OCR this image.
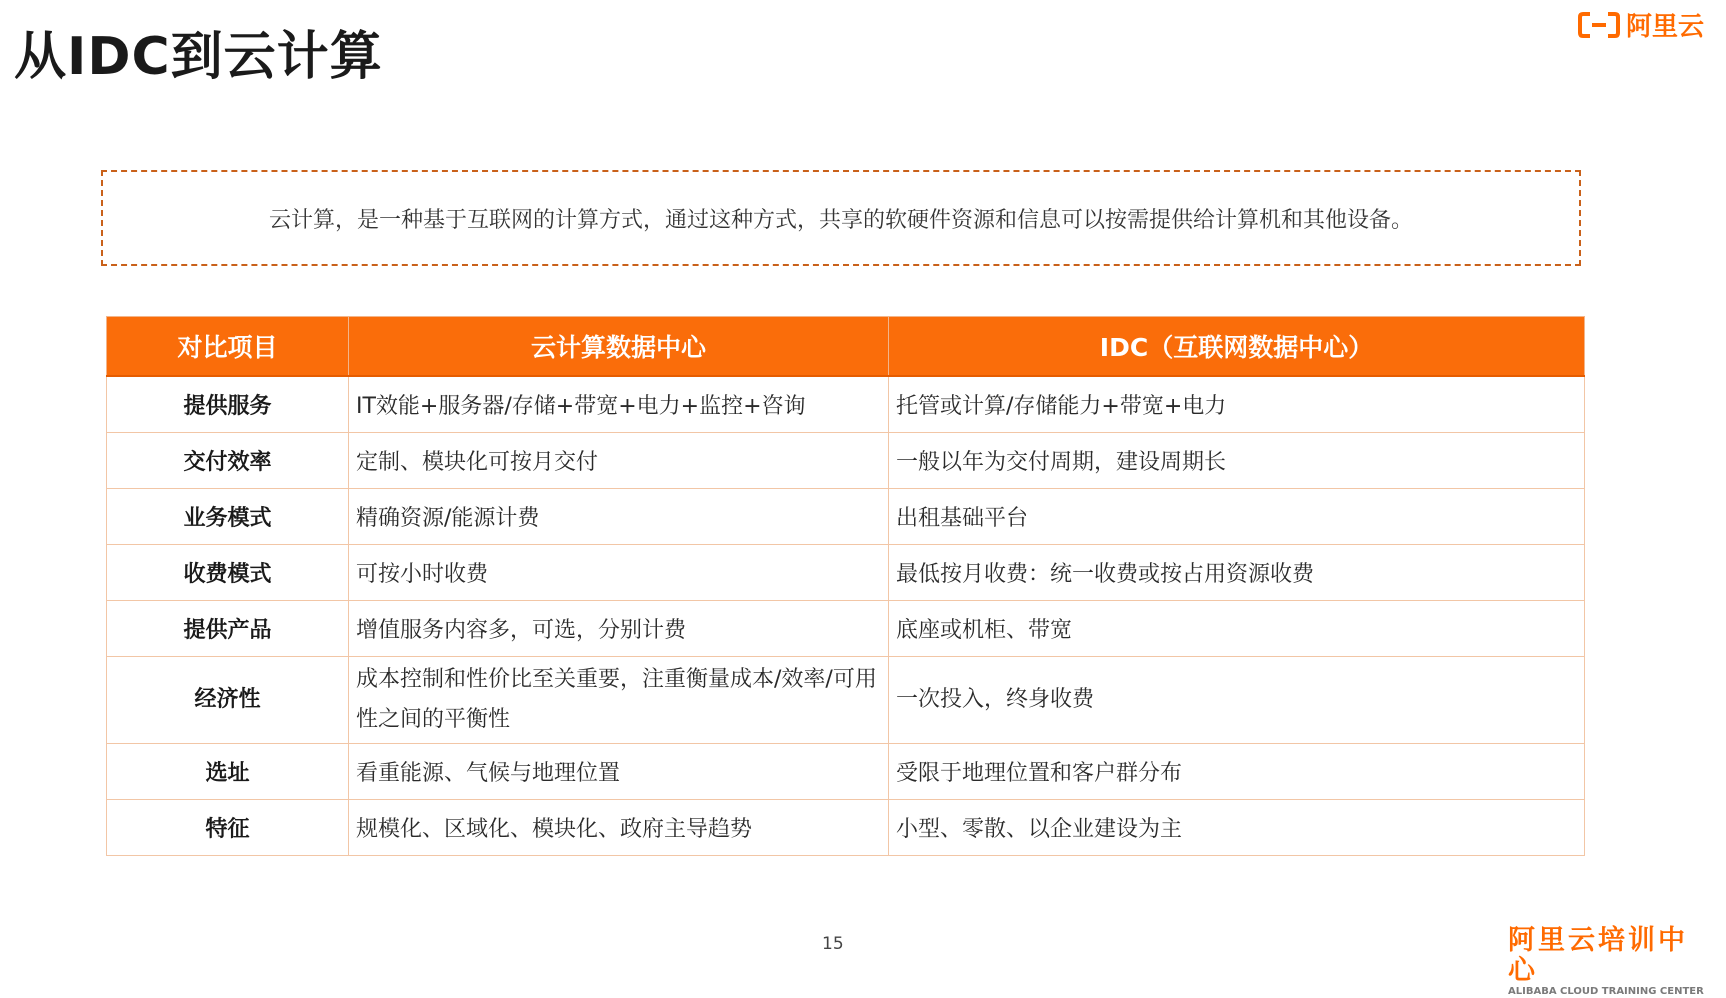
从IDC到云计算	阿里云
云计算，是一种基于互联网的计算方式，通过这种方式，共享的软硬件资源和信息可以按需提供给计算机和其他设备。
对比项目	云计算数据中心	IDC（互联网数据中心）
提供服务	IT效能+服务器/存储+带宽+电力+监控+咨询	托管或计算/存储能力+带宽+电力
交付效率	定制、模块化可按月交付	一般以年为交付周期，建设周期长
业务模式	精确资源/能源计费	出租基础平台
收费模式	可按小时收费	最低按月收费：统一收费或按占用资源收费
提供产品	增值服务内容多，可选，分别计费	底座或机柜、带宽
经济性	成本控制和性价比至关重要，注重衡量成本/效率/可用性之间的平衡性	一次投入，终身收费
选址	看重能源、气候与地理位置	受限于地理位置和客户群分布
特征	规模化、区域化、模块化、政府主导趋势	小型、零散、以企业建设为主
15	阿里云培训中心
ALIBABA CLOUD TRAINING CENTER
